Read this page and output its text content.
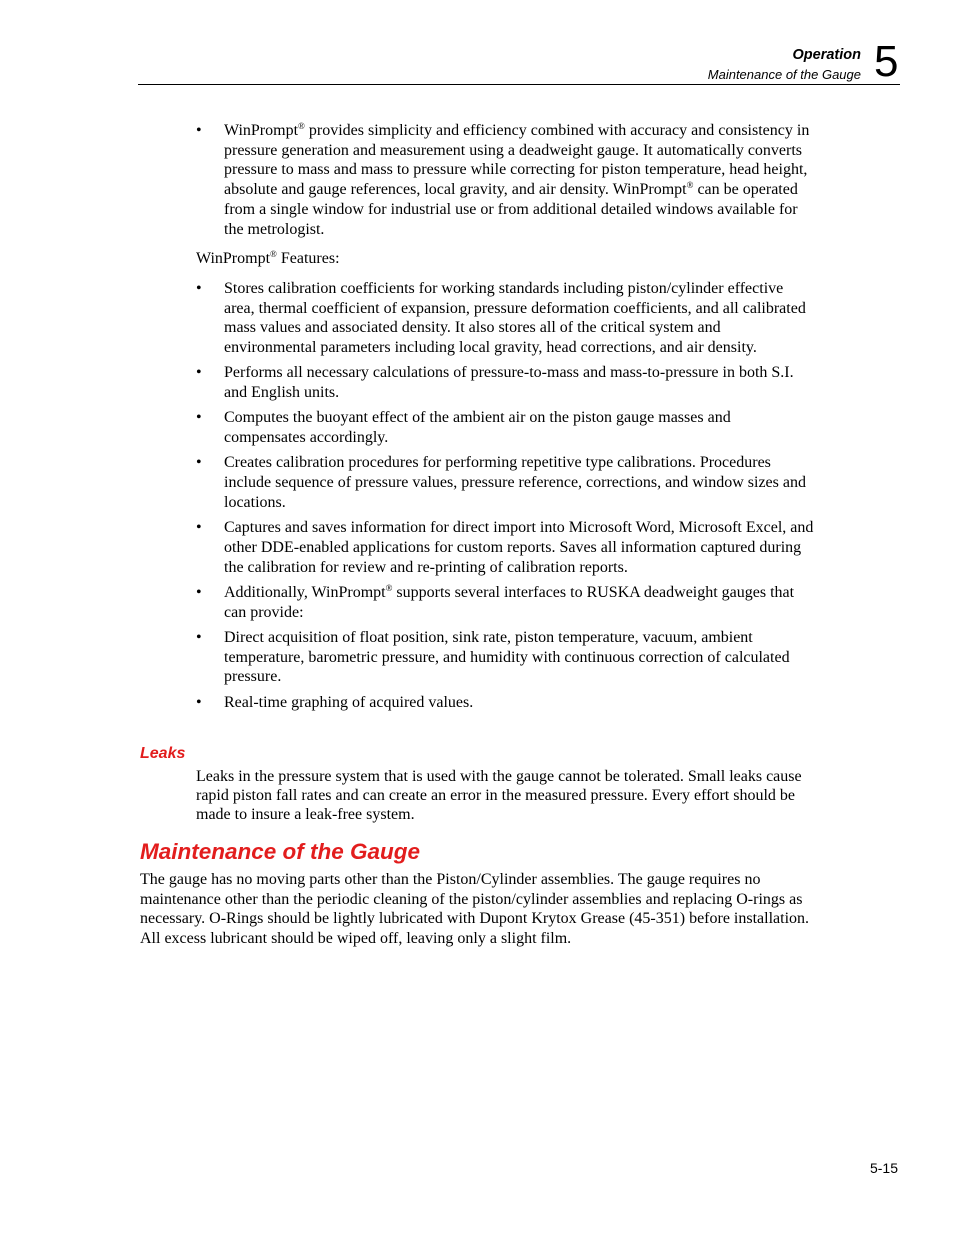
Operation
Maintenance of the Gauge 5
•	WinPrompt® provides simplicity and efficiency combined with accuracy and consistency in pressure generation and measurement using a deadweight gauge. It automatically converts pressure to mass and mass to pressure while correcting for piston temperature, head height, absolute and gauge references, local gravity, and air density. WinPrompt® can be operated from a single window for industrial use or from additional detailed windows available for the metrologist.

WinPrompt® Features:

•	Stores calibration coefficients for working standards including piston/cylinder effective area, thermal coefficient of expansion, pressure deformation coefficients, and all calibrated mass values and associated density. It also stores all of the critical system and environmental parameters including local gravity, head corrections, and air density.
•	Performs all necessary calculations of pressure-to-mass and mass-to-pressure in both S.I. and English units.
•	Computes the buoyant effect of the ambient air on the piston gauge masses and compensates accordingly.
•	Creates calibration procedures for performing repetitive type calibrations. Procedures include sequence of pressure values, pressure reference, corrections, and window sizes and locations.
•	Captures and saves information for direct import into Microsoft Word, Microsoft Excel, and other DDE-enabled applications for custom reports. Saves all information captured during the calibration for review and re-printing of calibration reports.
•	Additionally, WinPrompt® supports several interfaces to RUSKA deadweight gauges that can provide:
•	Direct acquisition of float position, sink rate, piston temperature, vacuum, ambient temperature, barometric pressure, and humidity with continuous correction of calculated pressure.
•	Real-time graphing of acquired values.
Leaks

Leaks in the pressure system that is used with the gauge cannot be tolerated. Small leaks cause rapid piston fall rates and can create an error in the measured pressure. Every effort should be made to insure a leak-free system.

Maintenance of the Gauge

The gauge has no moving parts other than the Piston/Cylinder assemblies. The gauge requires no maintenance other than the periodic cleaning of the piston/cylinder assemblies and replacing O-rings as necessary. O-Rings should be lightly lubricated with Dupont Krytox Grease (45-351) before installation. All excess lubricant should be wiped off, leaving only a slight film.

5-15
